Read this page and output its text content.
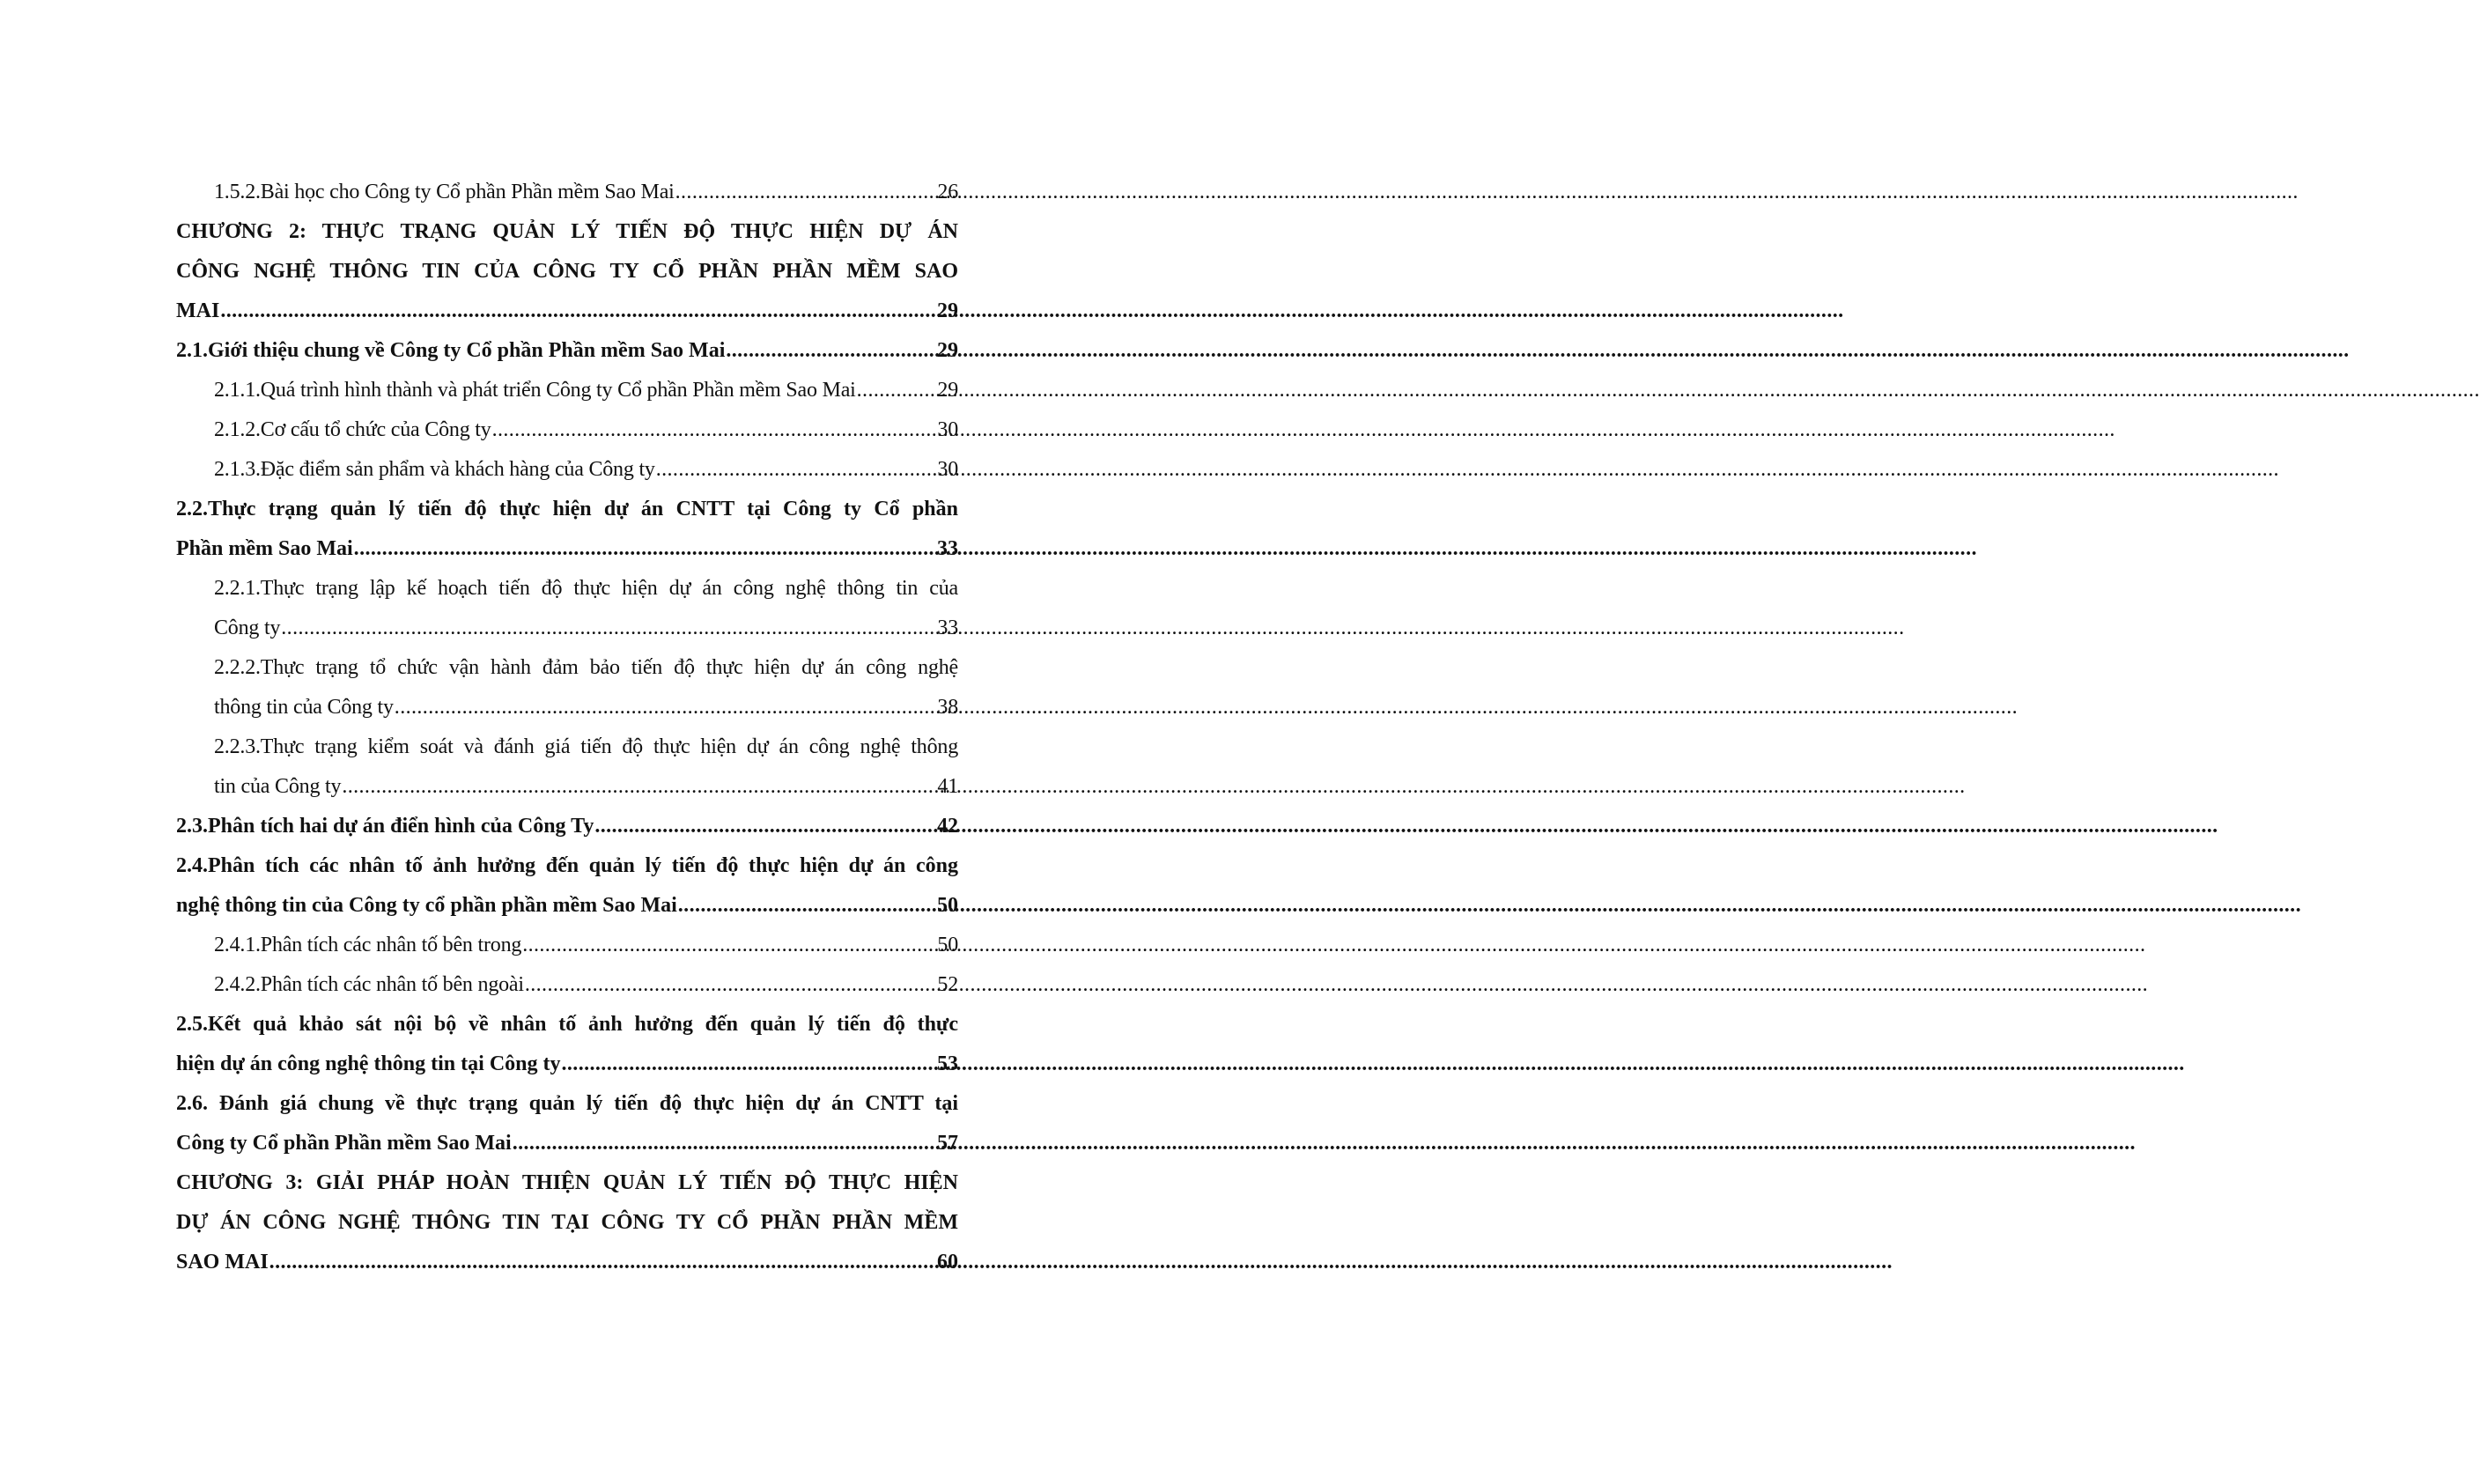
1.5.2.Bài học cho Công ty Cổ phần Phần mềm Sao Mai .....	26
CHƯƠNG 2: THỰC TRẠNG QUẢN LÝ TIẾN ĐỘ THỰC HIỆN DỰ ÁN
CÔNG NGHỆ THÔNG TIN CỦA CÔNG TY CỔ PHẦN PHẦN MỀM SAO
MAI .....	29
2.1.Giới thiệu chung về Công ty Cổ phần Phần mềm Sao Mai .....	29
2.1.1.Quá trình hình thành và phát triển Công ty Cổ phần Phần mềm Sao Mai .....	29
2.1.2.Cơ cấu tổ chức của Công ty .....	30
2.1.3.Đặc điểm sản phẩm và khách hàng của Công ty .....	30
2.2.Thực trạng quản lý tiến độ thực hiện dự án CNTT tại Công ty Cổ phần
Phần mềm Sao Mai .....	33
2.2.1.Thực trạng lập kế hoạch tiến độ thực hiện dự án công nghệ thông tin của
Công ty .....	33
2.2.2.Thực trạng tổ chức vận hành đảm bảo tiến độ thực hiện dự án công nghệ
thông tin của Công ty .....	38
2.2.3.Thực trạng kiểm soát và đánh giá tiến độ thực hiện dự án công nghệ thông
tin của Công ty .....	41
2.3.Phân tích hai dự án điển hình của Công Ty .....	42
2.4.Phân tích các nhân tố ảnh hưởng đến quản lý tiến độ thực hiện dự án công
nghệ thông tin của Công ty cổ phần phần mềm Sao Mai .....	50
2.4.1.Phân tích các nhân tố bên trong .....	50
2.4.2.Phân tích các nhân tố bên ngoài .....	52
2.5.Kết quả khảo sát nội bộ về nhân tố ảnh hưởng đến quản lý tiến độ thực
hiện dự án công nghệ thông tin tại Công ty .....	53
2.6. Đánh giá chung về thực trạng quản lý tiến độ thực hiện dự án CNTT tại
Công ty Cổ phần Phần mềm Sao Mai .....	57
CHƯƠNG 3: GIẢI PHÁP HOÀN THIỆN QUẢN LÝ TIẾN ĐỘ THỰC HIỆN
DỰ ÁN CÔNG NGHỆ THÔNG TIN TẠI CÔNG TY CỔ PHẦN PHẦN MỀM
SAO MAI .....	60
